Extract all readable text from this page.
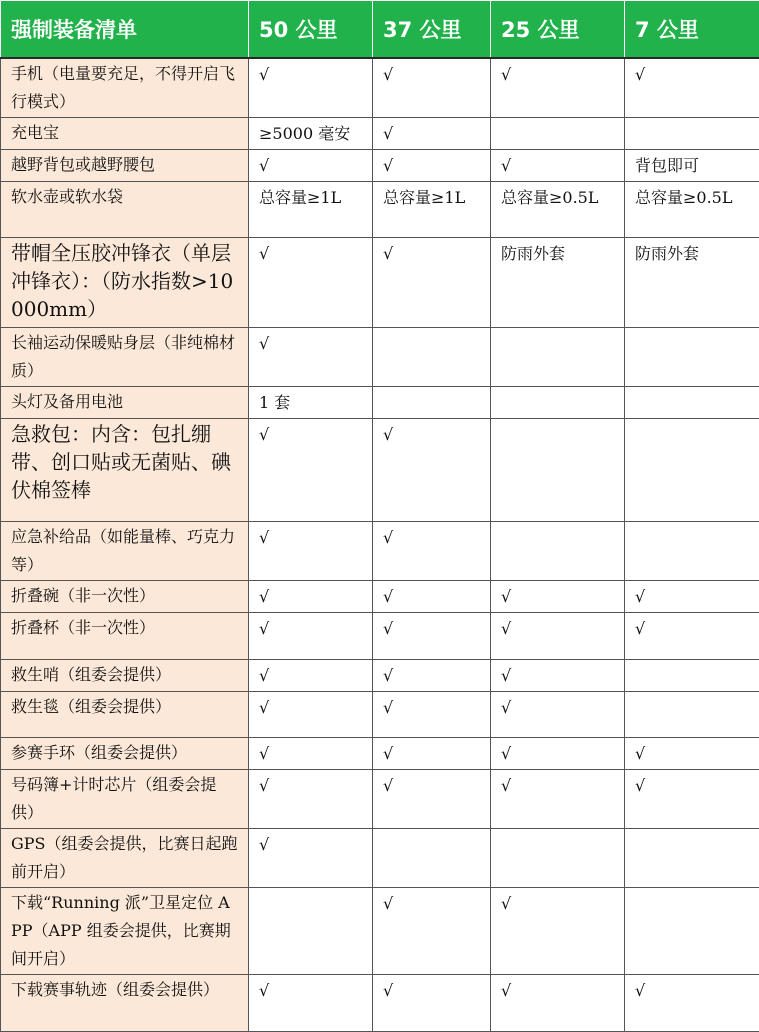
强制装备清单	50 公里	37 公里	25 公里	7 公里
手机（电量要充足，不得开启飞行模式）	√	√	√	√
充电宝	≥5000 毫安	√		
越野背包或越野腰包	√	√	√	背包即可
软水壶或软水袋	总容量≥1L	总容量≥1L	总容量≥0.5L	总容量≥0.5L
带帽全压胶冲锋衣（单层冲锋衣）：（防水指数>10000mm）	√	√	防雨外套	防雨外套
长袖运动保暖贴身层（非纯棉材质）	√			
头灯及备用电池	1 套			
急救包：内含：包扎绷带、创口贴或无菌贴、碘伏棉签棒	√	√		
应急补给品（如能量棒、巧克力等）	√	√		
折叠碗（非一次性）	√	√	√	√
折叠杯（非一次性）	√	√	√	√
救生哨（组委会提供）	√	√	√	
救生毯（组委会提供）	√	√	√	
参赛手环（组委会提供）	√	√	√	√
号码簿+计时芯片（组委会提供）	√	√	√	√
GPS（组委会提供，比赛日起跑前开启）	√			
下载“Running 派”卫星定位 APP（APP 组委会提供，比赛期间开启）		√	√	
下载赛事轨迹（组委会提供）	√	√	√	√
